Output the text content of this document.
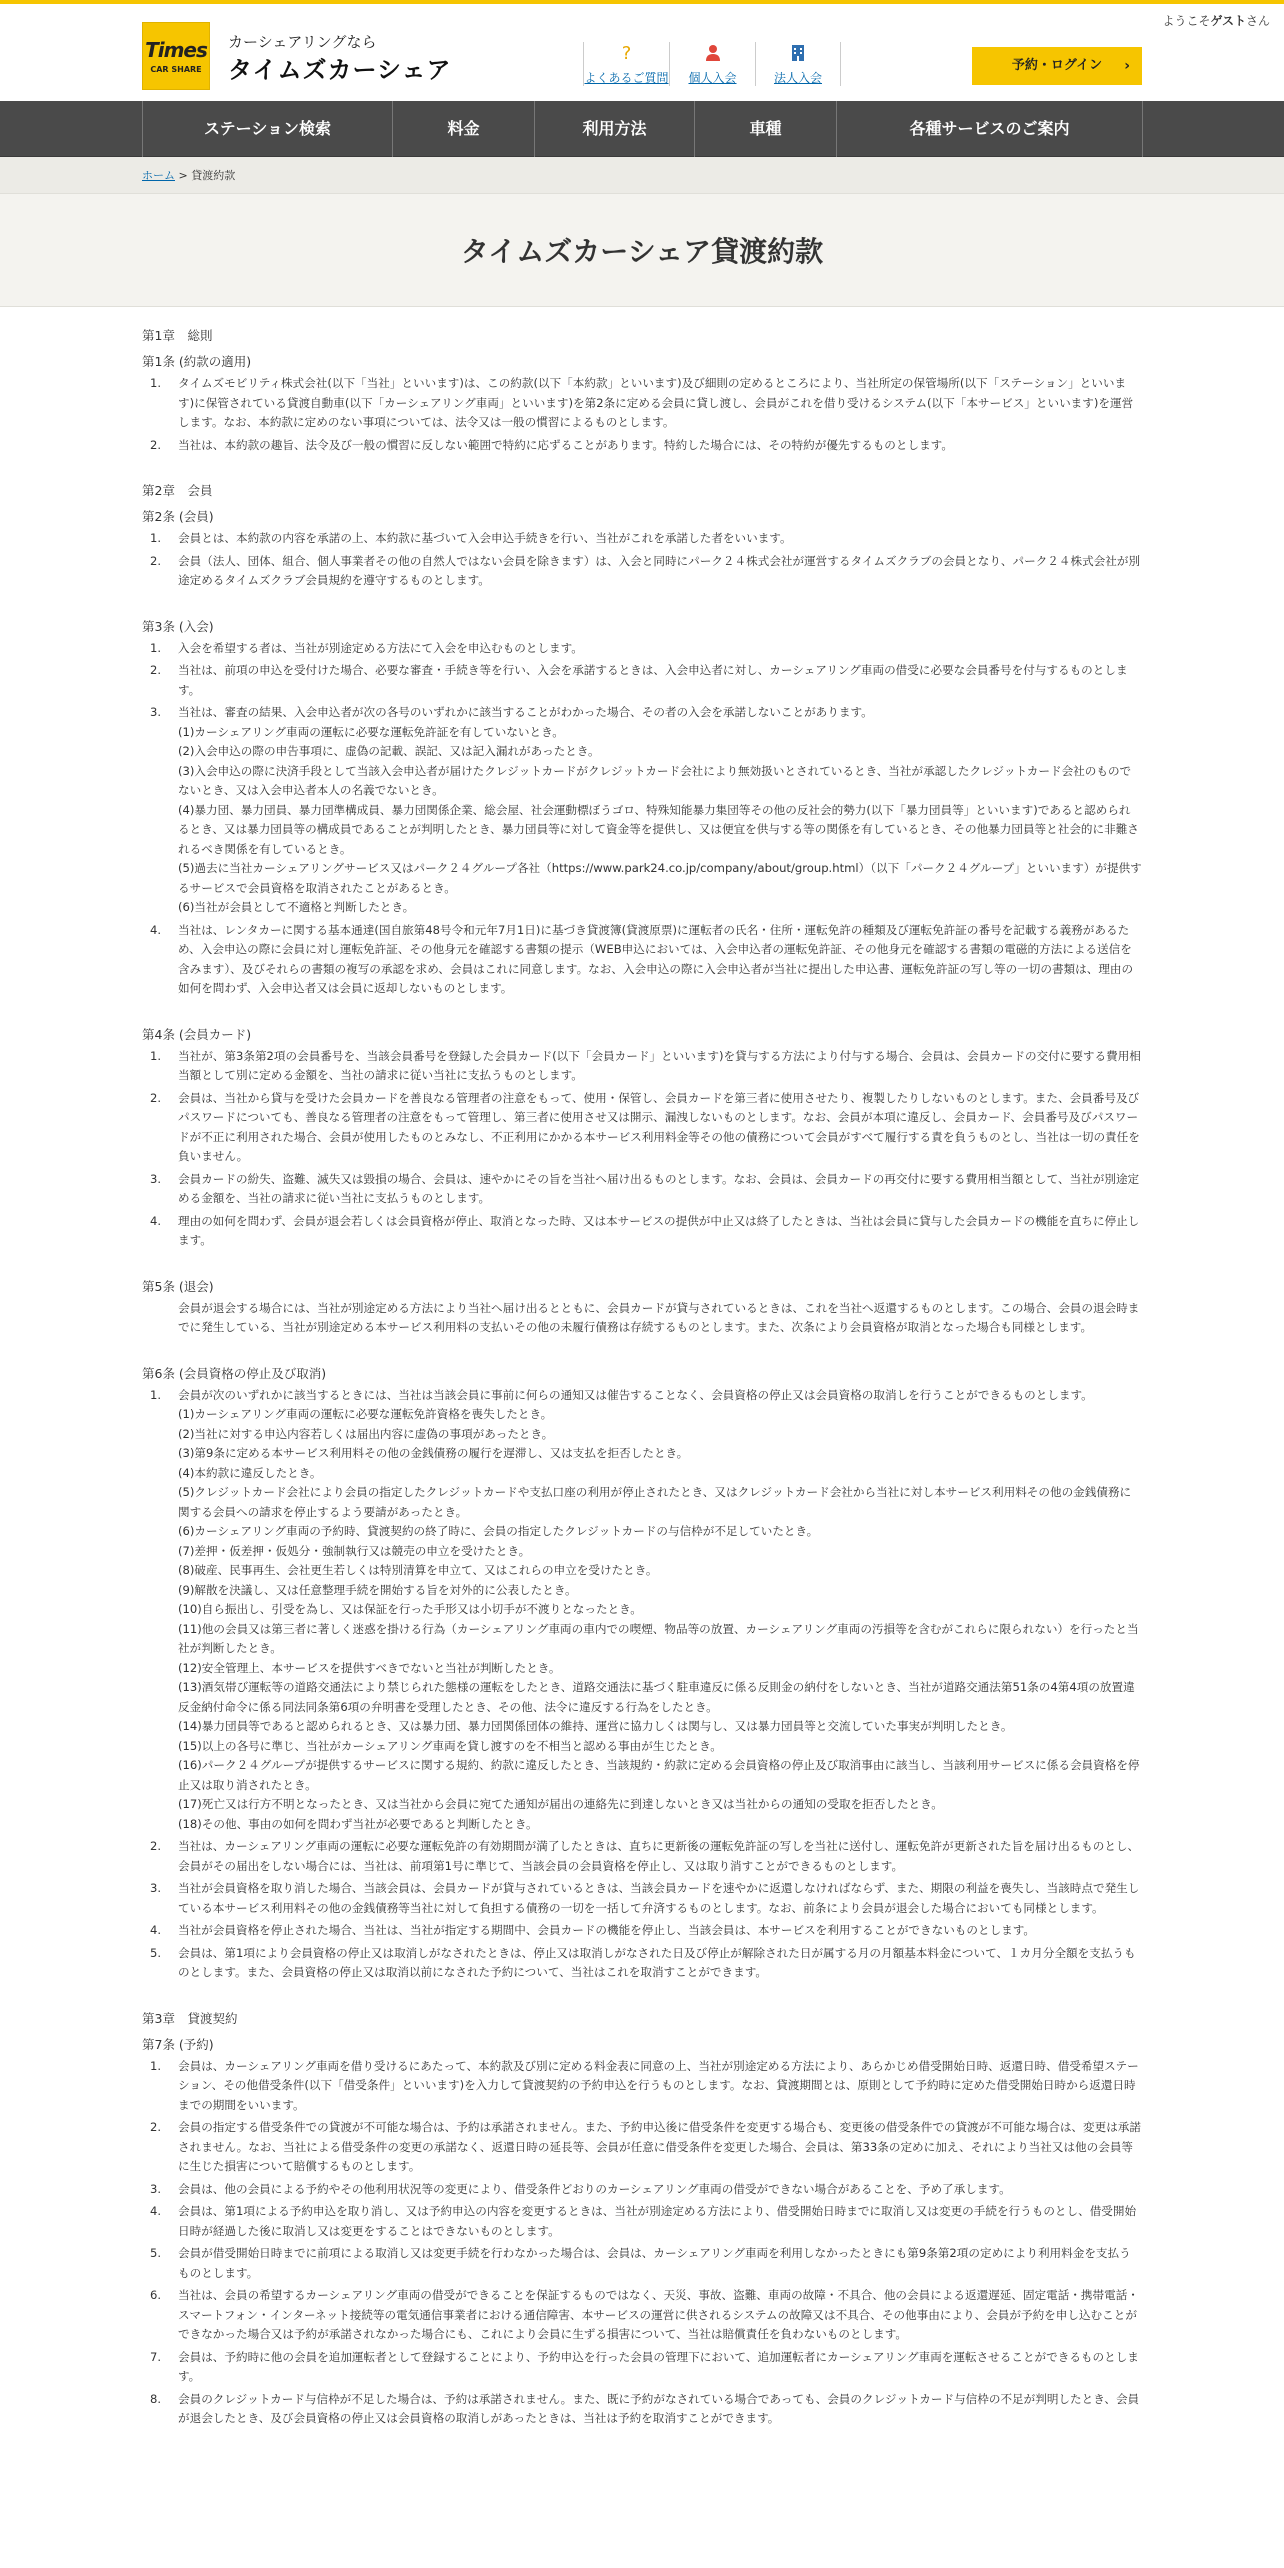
ようこそゲストさん
Times
CAR SHARE
カーシェアリングなら
タイムズカーシェア
?
よくあるご質問	個人入会	法人入会
予約・ログイン ›
ステーション検索	料金	利用方法	車種	各種サービスのご案内
ホーム > 貸渡約款
タイムズカーシェア貸渡約款
第1章　総則
第1条 (約款の適用)
1. タイムズモビリティ株式会社(以下「当社」といいます)は、この約款(以下「本約款」といいます)及び細則の定めるところにより、当社所定の保管場所(以下「ステーション」といいます)に保管されている貸渡自動車(以下「カーシェアリング車両」といいます)を第2条に定める会員に貸し渡し、会員がこれを借り受けるシステム(以下「本サービス」といいます)を運営します。なお、本約款に定めのない事項については、法令又は一般の慣習によるものとします。
2. 当社は、本約款の趣旨、法令及び一般の慣習に反しない範囲で特約に応ずることがあります。特約した場合には、その特約が優先するものとします。
第2章　会員
第2条 (会員)
1. 会員とは、本約款の内容を承諾の上、本約款に基づいて入会申込手続きを行い、当社がこれを承諾した者をいいます。
2. 会員（法人、団体、組合、個人事業者その他の自然人ではない会員を除きます）は、入会と同時にパーク２４株式会社が運営するタイムズクラブの会員となり、パーク２４株式会社が別途定めるタイムズクラブ会員規約を遵守するものとします。
第3条 (入会)
1. 入会を希望する者は、当社が別途定める方法にて入会を申込むものとします。
2. 当社は、前項の申込を受付けた場合、必要な審査・手続き等を行い、入会を承諾するときは、入会申込者に対し、カーシェアリング車両の借受に必要な会員番号を付与するものとします。
3. 当社は、審査の結果、入会申込者が次の各号のいずれかに該当することがわかった場合、その者の入会を承諾しないことがあります。
(1)カーシェアリング車両の運転に必要な運転免許証を有していないとき。
(2)入会申込の際の申告事項に、虚偽の記載、誤記、又は記入漏れがあったとき。
(3)入会申込の際に決済手段として当該入会申込者が届けたクレジットカードがクレジットカード会社により無効扱いとされているとき、当社が承認したクレジットカード会社のものでないとき、又は入会申込者本人の名義でないとき。
(4)暴力団、暴力団員、暴力団準構成員、暴力団関係企業、総会屋、社会運動標ぼうゴロ、特殊知能暴力集団等その他の反社会的勢力(以下「暴力団員等」といいます)であると認められるとき、又は暴力団員等の構成員であることが判明したとき、暴力団員等に対して資金等を提供し、又は便宜を供与する等の関係を有しているとき、その他暴力団員等と社会的に非難されるべき関係を有しているとき。
(5)過去に当社カーシェアリングサービス又はパーク２４グループ各社（https://www.park24.co.jp/company/about/group.html）（以下「パーク２４グループ」といいます）が提供するサービスで会員資格を取消されたことがあるとき。
(6)当社が会員として不適格と判断したとき。
4. 当社は、レンタカーに関する基本通達(国自旅第48号令和元年7月1日)に基づき貸渡簿(貸渡原票)に運転者の氏名・住所・運転免許の種類及び運転免許証の番号を記載する義務があるため、入会申込の際に会員に対し運転免許証、その他身元を確認する書類の提示（WEB申込においては、入会申込者の運転免許証、その他身元を確認する書類の電磁的方法による送信を含みます）、及びそれらの書類の複写の承認を求め、会員はこれに同意します。なお、入会申込の際に入会申込者が当社に提出した申込書、運転免許証の写し等の一切の書類は、理由の如何を問わず、入会申込者又は会員に返却しないものとします。
第4条 (会員カード)
1. 当社が、第3条第2項の会員番号を、当該会員番号を登録した会員カード(以下「会員カード」といいます)を貸与する方法により付与する場合、会員は、会員カードの交付に要する費用相当額として別に定める金額を、当社の請求に従い当社に支払うものとします。
2. 会員は、当社から貸与を受けた会員カードを善良なる管理者の注意をもって、使用・保管し、会員カードを第三者に使用させたり、複製したりしないものとします。また、会員番号及びパスワードについても、善良なる管理者の注意をもって管理し、第三者に使用させ又は開示、漏洩しないものとします。なお、会員が本項に違反し、会員カード、会員番号及びパスワードが不正に利用された場合、会員が使用したものとみなし、不正利用にかかる本サービス利用料金等その他の債務について会員がすべて履行する責を負うものとし、当社は一切の責任を負いません。
3. 会員カードの紛失、盗難、滅失又は毀損の場合、会員は、速やかにその旨を当社へ届け出るものとします。なお、会員は、会員カードの再交付に要する費用相当額として、当社が別途定める金額を、当社の請求に従い当社に支払うものとします。
4. 理由の如何を問わず、会員が退会若しくは会員資格が停止、取消となった時、又は本サービスの提供が中止又は終了したときは、当社は会員に貸与した会員カードの機能を直ちに停止します。
第5条 (退会)
会員が退会する場合には、当社が別途定める方法により当社へ届け出るとともに、会員カードが貸与されているときは、これを当社へ返還するものとします。この場合、会員の退会時までに発生している、当社が別途定める本サービス利用料の支払いその他の未履行債務は存続するものとします。また、次条により会員資格が取消となった場合も同様とします。
第6条 (会員資格の停止及び取消)
1. 会員が次のいずれかに該当するときには、当社は当該会員に事前に何らの通知又は催告することなく、会員資格の停止又は会員資格の取消しを行うことができるものとします。
(1)カーシェアリング車両の運転に必要な運転免許資格を喪失したとき。
(2)当社に対する申込内容若しくは届出内容に虚偽の事項があったとき。
(3)第9条に定める本サービス利用料その他の金銭債務の履行を遅滞し、又は支払を拒否したとき。
(4)本約款に違反したとき。
(5)クレジットカード会社により会員の指定したクレジットカードや支払口座の利用が停止されたとき、又はクレジットカード会社から当社に対し本サービス利用料その他の金銭債務に関する会員への請求を停止するよう要請があったとき。
(6)カーシェアリング車両の予約時、貸渡契約の終了時に、会員の指定したクレジットカードの与信枠が不足していたとき。
(7)差押・仮差押・仮処分・強制執行又は競売の申立を受けたとき。
(8)破産、民事再生、会社更生若しくは特別清算を申立て、又はこれらの申立を受けたとき。
(9)解散を決議し、又は任意整理手続を開始する旨を対外的に公表したとき。
(10)自ら振出し、引受を為し、又は保証を行った手形又は小切手が不渡りとなったとき。
(11)他の会員又は第三者に著しく迷惑を掛ける行為（カーシェアリング車両の車内での喫煙、物品等の放置、カーシェアリング車両の汚損等を含むがこれらに限られない）を行ったと当社が判断したとき。
(12)安全管理上、本サービスを提供すべきでないと当社が判断したとき。
(13)酒気帯び運転等の道路交通法により禁じられた態様の運転をしたとき、道路交通法に基づく駐車違反に係る反則金の納付をしないとき、当社が道路交通法第51条の4第4項の放置違反金納付命令に係る同法同条第6項の弁明書を受理したとき、その他、法令に違反する行為をしたとき。
(14)暴力団員等であると認められるとき、又は暴力団、暴力団関係団体の維持、運営に協力しくは関与し、又は暴力団員等と交流していた事実が判明したとき。
(15)以上の各号に準じ、当社がカーシェアリング車両を貸し渡すのを不相当と認める事由が生じたとき。
(16)パーク２４グループが提供するサービスに関する規約、約款に違反したとき、当該規約・約款に定める会員資格の停止及び取消事由に該当し、当該利用サービスに係る会員資格を停止又は取り消されたとき。
(17)死亡又は行方不明となったとき、又は当社から会員に宛てた通知が届出の連絡先に到達しないとき又は当社からの通知の受取を拒否したとき。
(18)その他、事由の如何を問わず当社が必要であると判断したとき。
2. 当社は、カーシェアリング車両の運転に必要な運転免許の有効期間が満了したときは、直ちに更新後の運転免許証の写しを当社に送付し、運転免許が更新された旨を届け出るものとし、会員がその届出をしない場合には、当社は、前項第1号に準じて、当該会員の会員資格を停止し、又は取り消すことができるものとします。
3. 当社が会員資格を取り消した場合、当該会員は、会員カードが貸与されているときは、当該会員カードを速やかに返還しなければならず、また、期限の利益を喪失し、当該時点で発生している本サービス利用料その他の金銭債務等当社に対して負担する債務の一切を一括して弁済するものとします。なお、前条により会員が退会した場合においても同様とします。
4. 当社が会員資格を停止された場合、当社は、当社が指定する期間中、会員カードの機能を停止し、当該会員は、本サービスを利用することができないものとします。
5. 会員は、第1項により会員資格の停止又は取消しがなされたときは、停止又は取消しがなされた日及び停止が解除された日が属する月の月額基本料金について、１カ月分全額を支払うものとします。また、会員資格の停止又は取消以前になされた予約について、当社はこれを取消すことができます。
第3章　貸渡契約
第7条 (予約)
1. 会員は、カーシェアリング車両を借り受けるにあたって、本約款及び別に定める料金表に同意の上、当社が別途定める方法により、あらかじめ借受開始日時、返還日時、借受希望ステーション、その他借受条件(以下「借受条件」といいます)を入力して貸渡契約の予約申込を行うものとします。なお、貸渡期間とは、原則として予約時に定めた借受開始日時から返還日時までの期間をいいます。
2. 会員の指定する借受条件での貸渡が不可能な場合は、予約は承諾されません。また、予約申込後に借受条件を変更する場合も、変更後の借受条件での貸渡が不可能な場合は、変更は承諾されません。なお、当社による借受条件の変更の承諾なく、返還日時の延長等、会員が任意に借受条件を変更した場合、会員は、第33条の定めに加え、それにより当社又は他の会員等に生じた損害について賠償するものとします。
3. 会員は、他の会員による予約やその他利用状況等の変更により、借受条件どおりのカーシェアリング車両の借受ができない場合があることを、予め了承します。
4. 会員は、第1項による予約申込を取り消し、又は予約申込の内容を変更するときは、当社が別途定める方法により、借受開始日時までに取消し又は変更の手続を行うものとし、借受開始日時が経過した後に取消し又は変更をすることはできないものとします。
5. 会員が借受開始日時までに前項による取消し又は変更手続を行わなかった場合は、会員は、カーシェアリング車両を利用しなかったときにも第9条第2項の定めにより利用料金を支払うものとします。
6. 当社は、会員の希望するカーシェアリング車両の借受ができることを保証するものではなく、天災、事故、盗難、車両の故障・不具合、他の会員による返還遅延、固定電話・携帯電話・スマートフォン・インターネット接続等の電気通信事業者における通信障害、本サービスの運営に供されるシステムの故障又は不具合、その他事由により、会員が予約を申し込むことができなかった場合又は予約が承諾されなかった場合にも、これにより会員に生ずる損害について、当社は賠償責任を負わないものとします。
7. 会員は、予約時に他の会員を追加運転者として登録することにより、予約申込を行った会員の管理下において、追加運転者にカーシェアリング車両を運転させることができるものとします。
8. 会員のクレジットカード与信枠が不足した場合は、予約は承諾されません。また、既に予約がなされている場合であっても、会員のクレジットカード与信枠の不足が判明したとき、会員が退会したとき、及び会員資格の停止又は会員資格の取消しがあったときは、当社は予約を取消すことができます。
